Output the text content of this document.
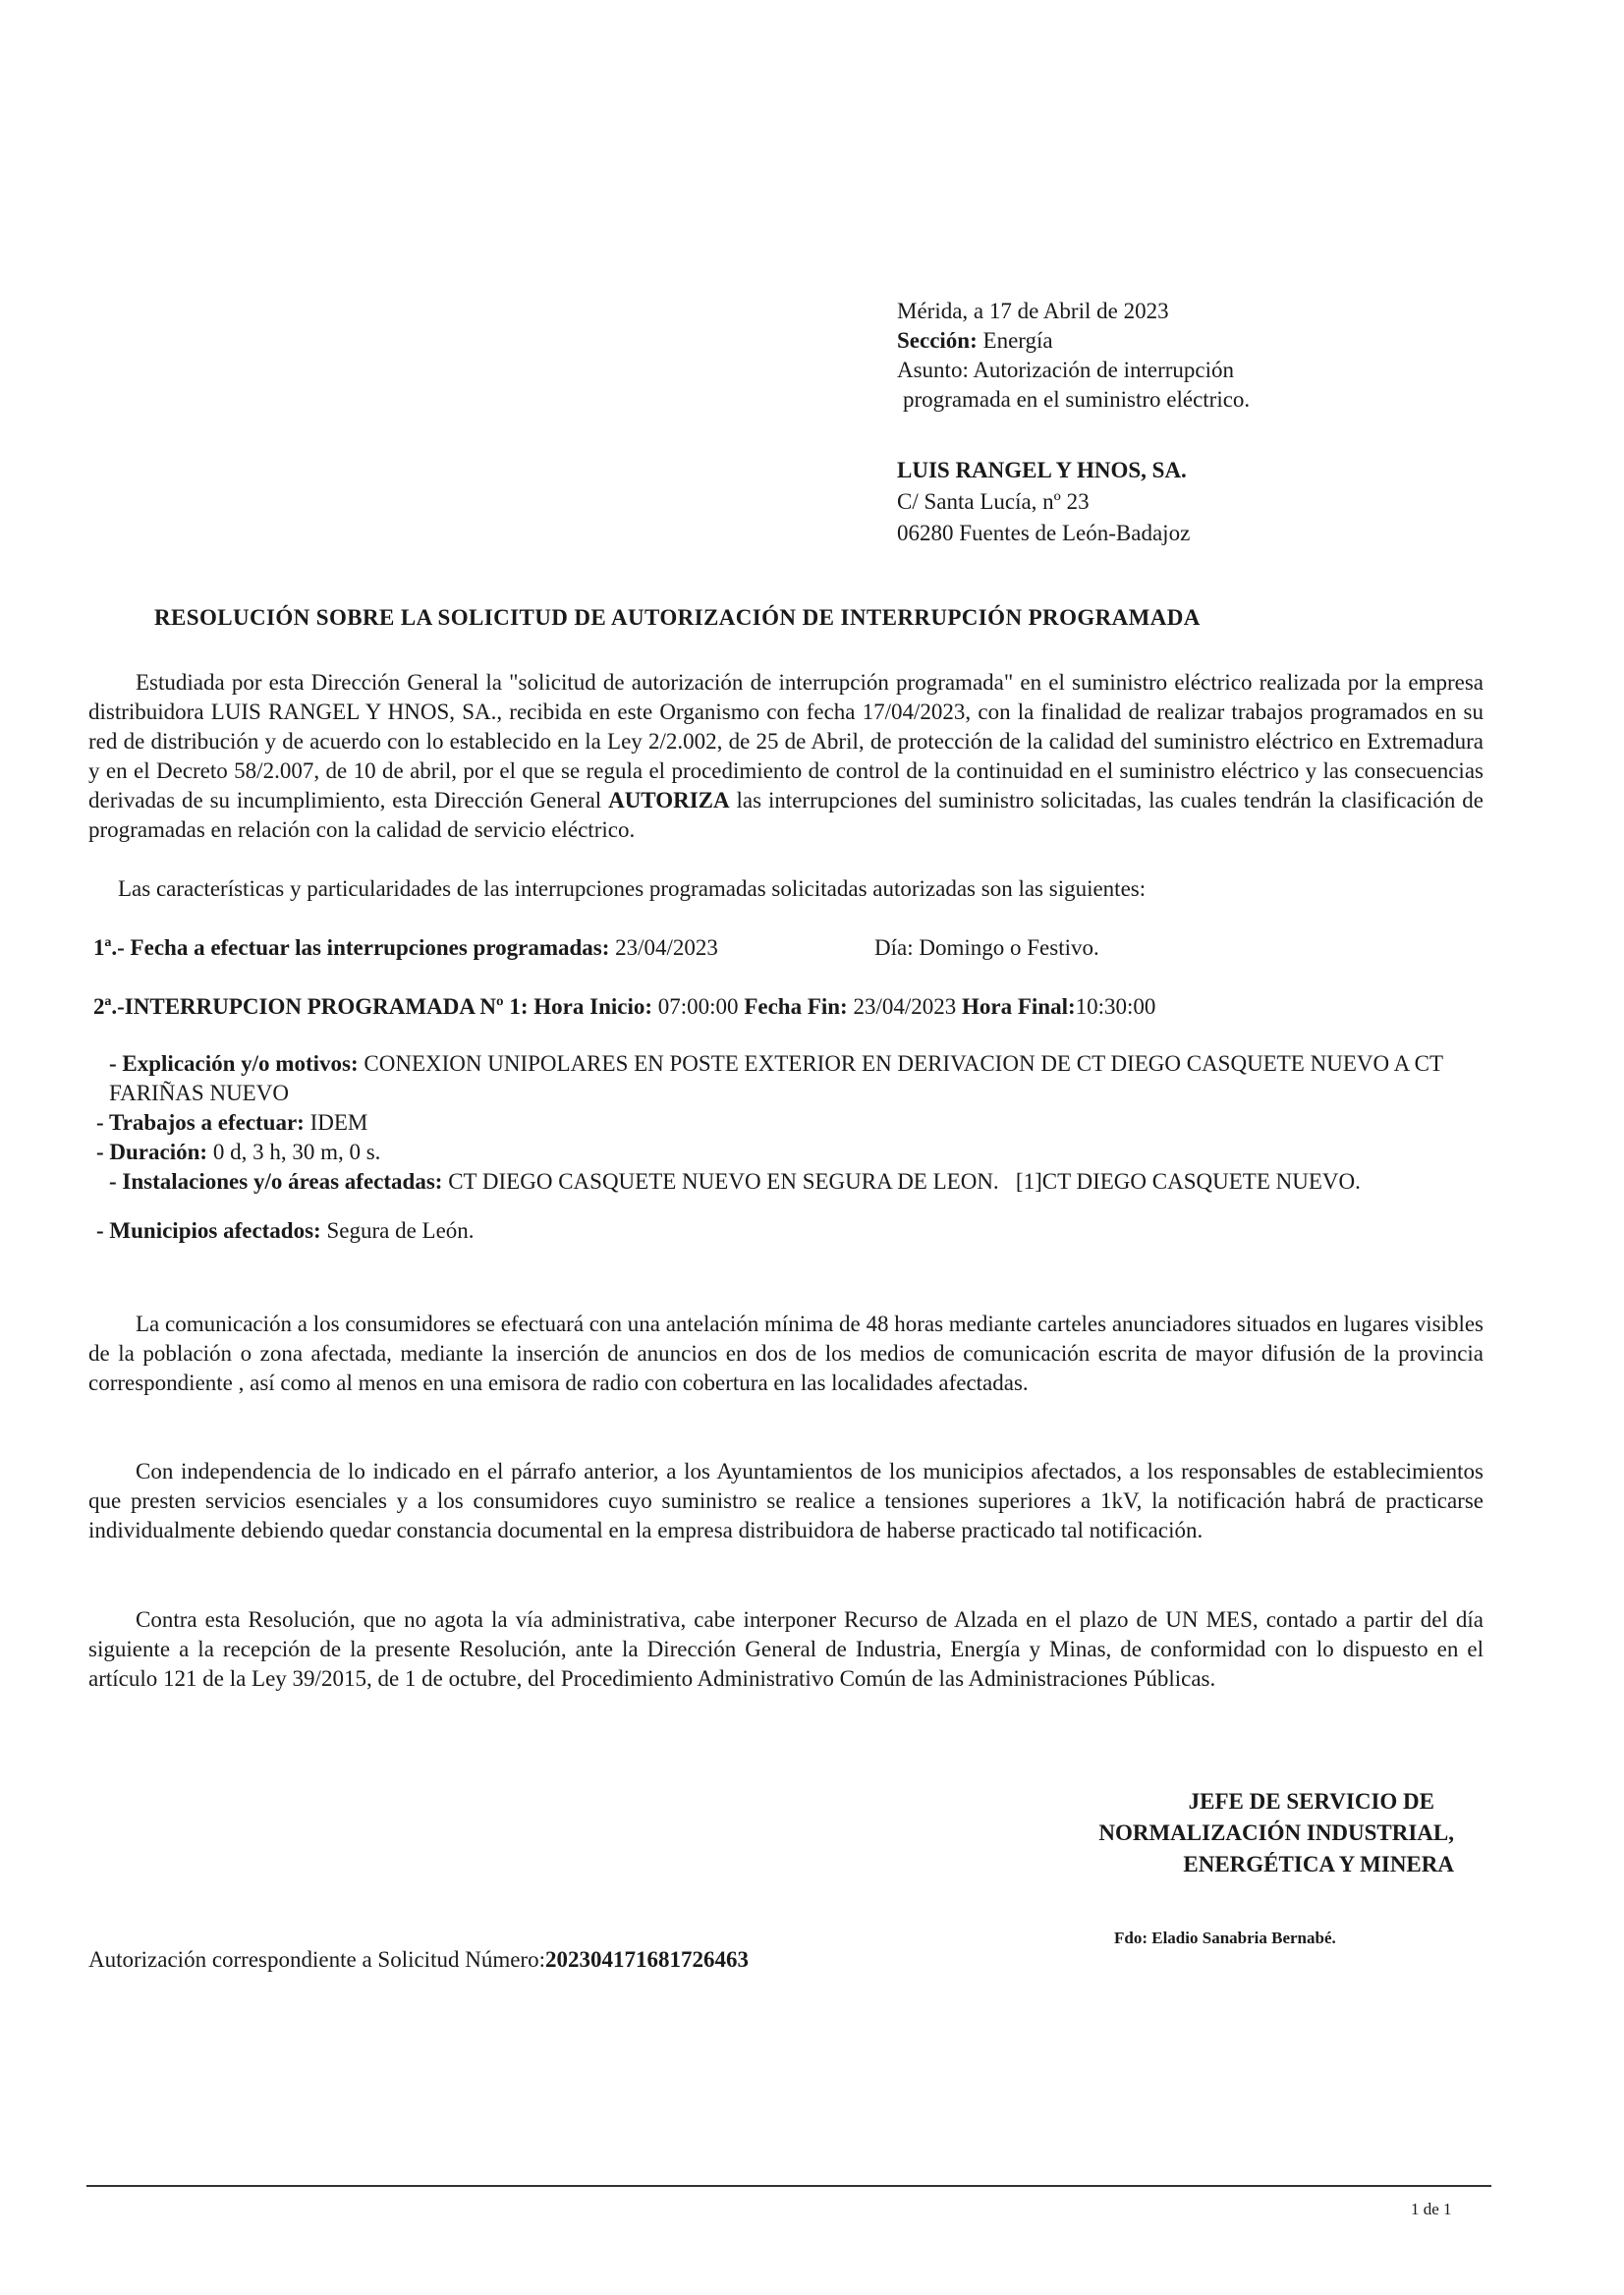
Mérida, a 17 de Abril de 2023
Sección: Energía
Asunto: Autorización de interrupción
programada en el suministro eléctrico.
LUIS RANGEL Y HNOS, SA.
C/ Santa Lucía, nº 23
06280 Fuentes de León-Badajoz
RESOLUCIÓN SOBRE LA SOLICITUD DE AUTORIZACIÓN DE INTERRUPCIÓN PROGRAMADA
Estudiada por esta Dirección General la "solicitud de autorización de interrupción programada" en el suministro eléctrico realizada por la empresa distribuidora LUIS RANGEL Y HNOS, SA., recibida en este Organismo con fecha 17/04/2023, con la finalidad de realizar trabajos programados en su red de distribución y de acuerdo con lo establecido en la Ley 2/2.002, de 25 de Abril, de protección de la calidad del suministro eléctrico en Extremadura y en el Decreto 58/2.007, de 10 de abril, por el que se regula el procedimiento de control de la continuidad en el suministro eléctrico y las consecuencias derivadas de su incumplimiento, esta Dirección General AUTORIZA las interrupciones del suministro solicitadas, las cuales tendrán la clasificación de programadas en relación con la calidad de servicio eléctrico.
Las características y particularidades de las interrupciones programadas solicitadas autorizadas son las siguientes:
1ª.- Fecha a efectuar las interrupciones programadas: 23/04/2023	Día: Domingo o Festivo.
2ª.-INTERRUPCION PROGRAMADA Nº 1: Hora Inicio: 07:00:00 Fecha Fin: 23/04/2023 Hora Final:10:30:00
- Explicación y/o motivos: CONEXION UNIPOLARES EN POSTE EXTERIOR EN DERIVACION DE CT DIEGO CASQUETE NUEVO A CT FARIÑAS NUEVO
- Trabajos a efectuar: IDEM
- Duración: 0 d, 3 h, 30 m, 0 s.
- Instalaciones y/o áreas afectadas: CT DIEGO CASQUETE NUEVO EN SEGURA DE LEON.   [1]CT DIEGO CASQUETE NUEVO.
- Municipios afectados: Segura de León.
La comunicación a los consumidores se efectuará con una antelación mínima de 48 horas mediante carteles anunciadores situados en lugares visibles de la población o zona afectada, mediante la inserción de anuncios en dos de los medios de comunicación escrita de mayor difusión de la provincia correspondiente , así como al menos en una emisora de radio con cobertura en las localidades afectadas.
Con independencia de lo indicado en el párrafo anterior, a los Ayuntamientos de los municipios afectados, a los responsables de establecimientos que presten servicios esenciales y a los consumidores cuyo suministro se realice a tensiones superiores a 1kV, la notificación habrá de practicarse individualmente debiendo quedar constancia documental en la empresa distribuidora de haberse practicado tal notificación.
Contra esta Resolución, que no agota la vía administrativa, cabe interponer Recurso de Alzada en el plazo de UN MES, contado a partir del día siguiente a la recepción de la presente Resolución, ante la Dirección General de Industria, Energía y Minas, de conformidad con lo dispuesto en el artículo 121 de la Ley 39/2015, de 1 de octubre, del Procedimiento Administrativo Común de las Administraciones Públicas.
JEFE DE SERVICIO DE
NORMALIZACIÓN INDUSTRIAL,
ENERGÉTICA Y MINERA
Fdo: Eladio Sanabria Bernabé.
Autorización correspondiente a Solicitud Número:202304171681726463
1 de 1
